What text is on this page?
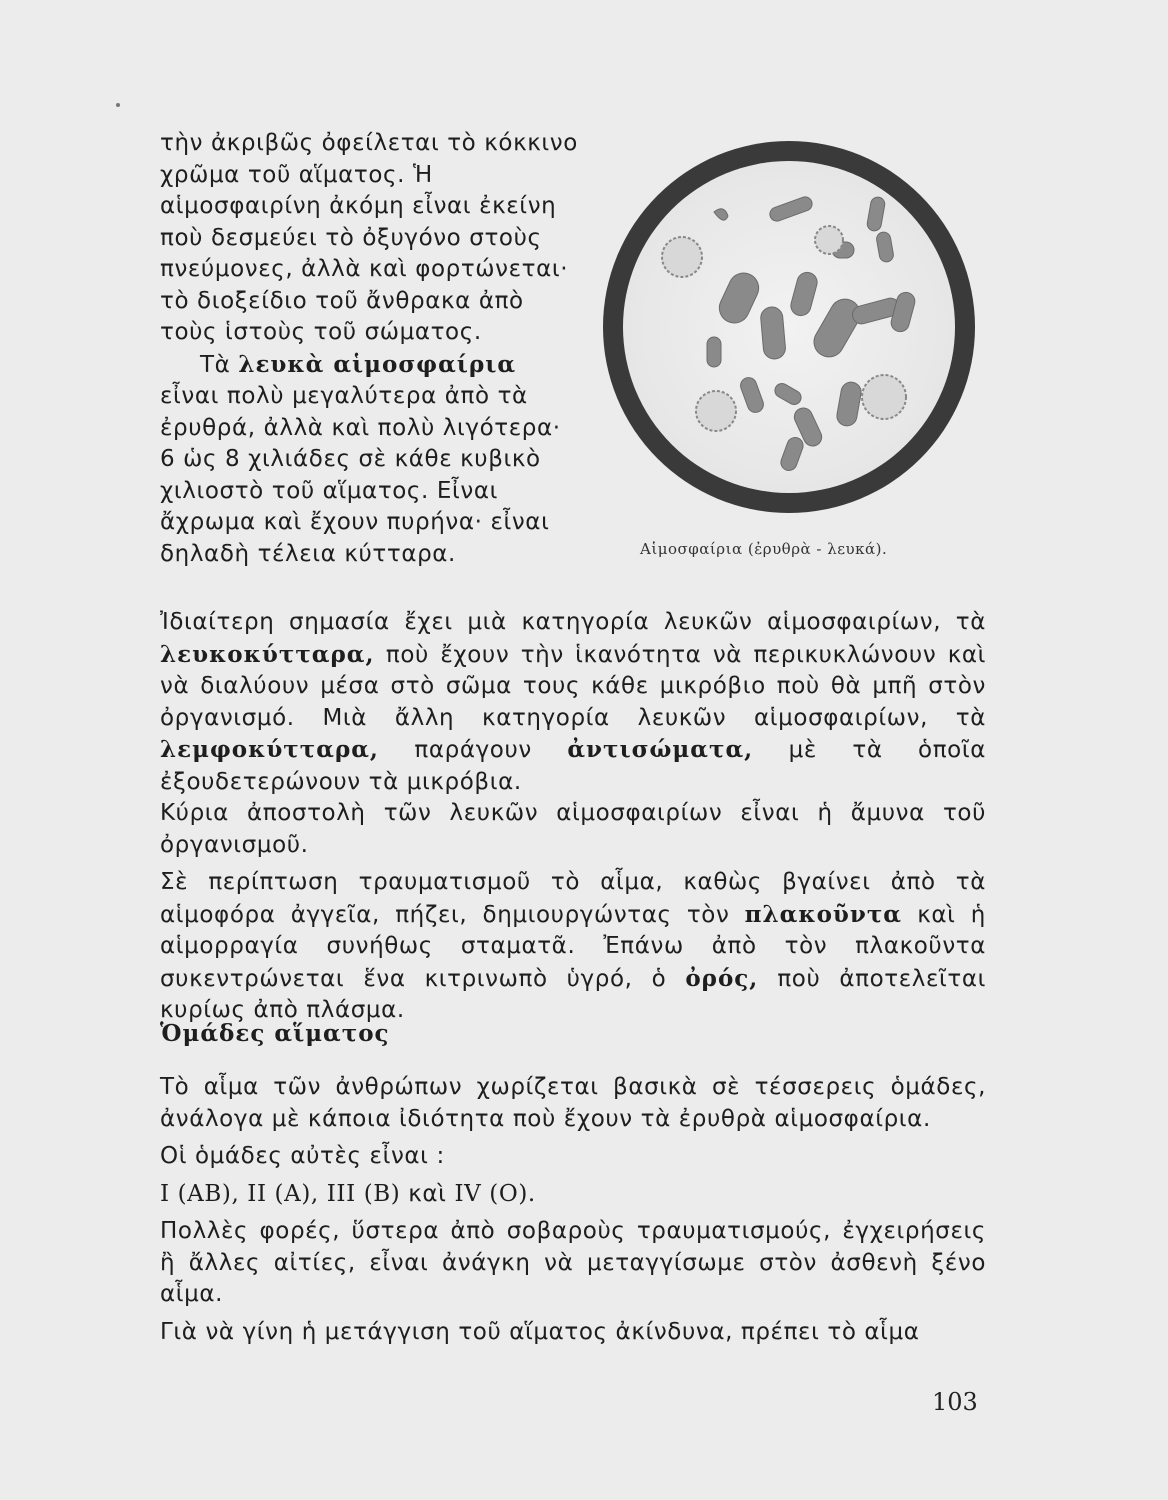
τὴν ἀκριβῶς ὀφείλεται τὸ κόκκινο χρῶμα τοῦ αἵματος. Ἡ αἱμοσφαιρίνη ἀκόμη εἶναι ἐκείνη ποὺ δεσμεύει τὸ ὀξυγόνο στοὺς πνεύμονες, ἀλλὰ καὶ φορτώνεται· τὸ διοξείδιο τοῦ ἄνθρακα ἀπὸ τοὺς ἱστοὺς τοῦ σώματος.

Τὰ λευκὰ αἱμοσφαίρια εἶναι πολὺ μεγαλύτερα ἀπὸ τὰ ἐρυθρά, ἀλλὰ καὶ πολὺ λιγότερα· 6 ὡς 8 χιλιάδες σὲ κάθε κυβικὸ χιλιοστὸ τοῦ αἵματος. Εἶναι ἄχρωμα καὶ ἔχουν πυρήνα· εἶναι δηλαδὴ τέλεια κύτταρα.	Αἱμοσφαίρια (ἐρυθρὰ - λευκά).

Ἰδιαίτερη σημασία ἔχει μιὰ κατηγορία λευκῶν αἱμοσφαιρίων, τὰ λευκοκύτταρα, ποὺ ἔχουν τὴν ἱκανότητα νὰ περικυκλώνουν καὶ νὰ διαλύουν μέσα στὸ σῶμα τους κάθε μικρόβιο ποὺ θὰ μπῆ στὸν ὀργανισμό. Μιὰ ἄλλη κατηγορία λευκῶν αἱμοσφαιρίων, τὰ λεμφοκύτταρα, παράγουν ἀντισώματα, μὲ τὰ ὁποῖα ἐξουδετερώνουν τὰ μικρόβια.

Κύρια ἀποστολὴ τῶν λευκῶν αἱμοσφαιρίων εἶναι ἡ ἄμυνα τοῦ ὀργανισμοῦ.

Σὲ περίπτωση τραυματισμοῦ τὸ αἷμα, καθὼς βγαίνει ἀπὸ τὰ αἱμοφόρα ἀγγεῖα, πήζει, δημιουργώντας τὸν πλακοῦντα καὶ ἡ αἱμορραγία συνήθως σταματᾶ. Ἐπάνω ἀπὸ τὸν πλακοῦντα συκεντρώνεται ἕνα κιτρινωπὸ ὑγρό, ὁ ὀρός, ποὺ ἀποτελεῖται κυρίως ἀπὸ πλάσμα.

Ὁμάδες αἵματος

Τὸ αἷμα τῶν ἀνθρώπων χωρίζεται βασικὰ σὲ τέσσερεις ὁμάδες, ἀνάλογα μὲ κάποια ἰδιότητα ποὺ ἔχουν τὰ ἐρυθρὰ αἱμοσφαίρια.

Οἱ ὁμάδες αὐτὲς εἶναι :

I (AB), II (A), III (B) καὶ IV (O).

Πολλὲς φορές, ὕστερα ἀπὸ σοβαροὺς τραυματισμούς, ἐγχειρήσεις ἢ ἄλλες αἰτίες, εἶναι ἀνάγκη νὰ μεταγγίσωμε στὸν ἀσθενὴ ξένο αἷμα.

Γιὰ νὰ γίνη ἡ μετάγγιση τοῦ αἵματος ἀκίνδυνα, πρέπει τὸ αἷμα

103
